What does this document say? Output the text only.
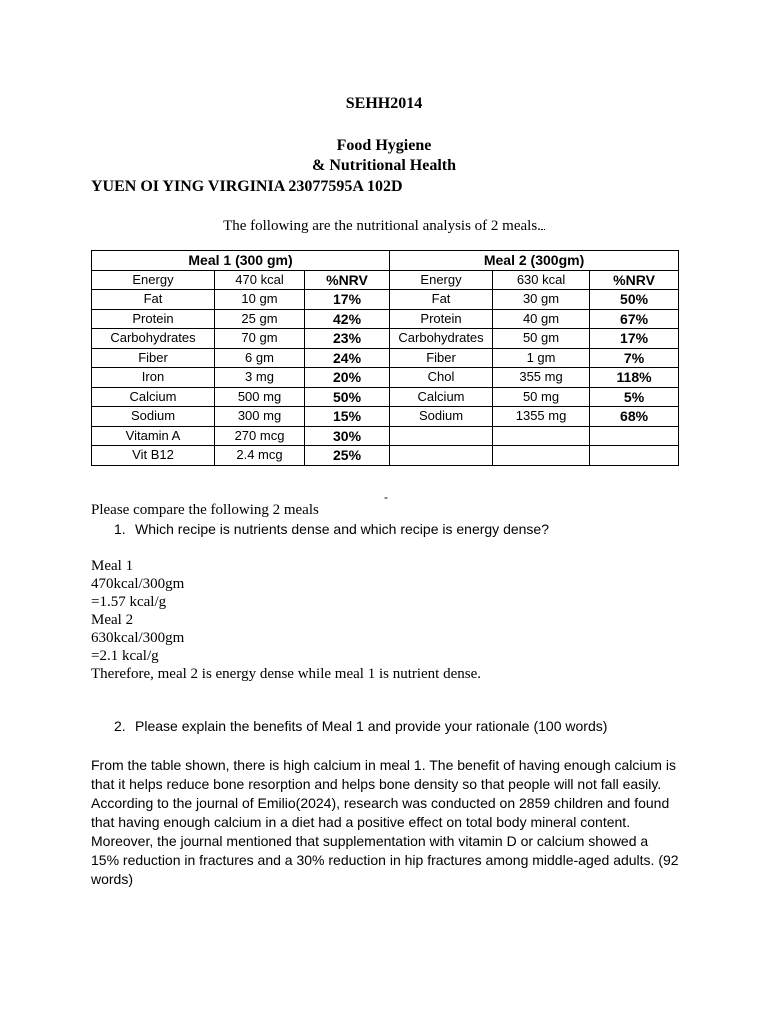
SEHH2014
Food Hygiene
& Nutritional Health
YUEN OI YING VIRGINIA 23077595A 102D
The following are the nutritional analysis of 2 meals.
Meal 1 (300 gm)			Meal 2 (300gm)		
Energy	470 kcal	%NRV	Energy	630 kcal	%NRV
Fat	10 gm	17%	Fat	30 gm	50%
Protein	25 gm	42%	Protein	40 gm	67%
Carbohydrates	70 gm	23%	Carbohydrates	50 gm	17%
Fiber	6 gm	24%	Fiber	1 gm	7%
Iron	3 mg	20%	Chol	355 mg	118%
Calcium	500 mg	50%	Calcium	50 mg	5%
Sodium	300 mg	15%	Sodium	1355 mg	68%
Vitamin A	270 mcg	30%			
Vit B12	2.4 mcg	25%			
-
Please compare the following 2 meals
1. Which recipe is nutrients dense and which recipe is energy dense?
Meal 1
470kcal/300gm
=1.57 kcal/g
Meal 2
630kcal/300gm
=2.1 kcal/g
Therefore, meal 2 is energy dense while meal 1 is nutrient dense.
2. Please explain the benefits of Meal 1 and provide your rationale (100 words)
From the table shown, there is high calcium in meal 1. The benefit of having enough calcium is
that it helps reduce bone resorption and helps bone density so that people will not fall easily.
According to the journal of Emilio(2024), research was conducted on 2859 children and found
that having enough calcium in a diet had a positive effect on total body mineral content.
Moreover, the journal mentioned that supplementation with vitamin D or calcium showed a
15% reduction in fractures and a 30% reduction in hip fractures among middle-aged adults. (92
words)
